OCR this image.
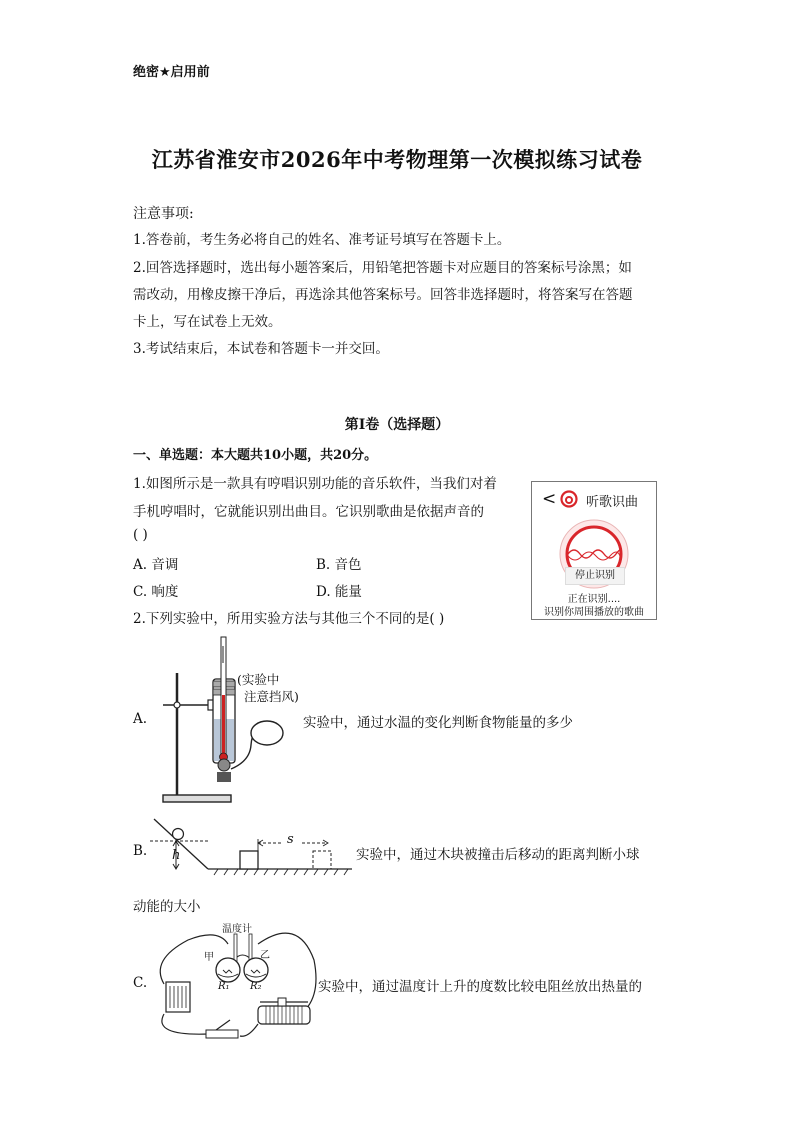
绝密★启用前
江苏省淮安市2026年中考物理第一次模拟练习试卷
注意事项:
1.答卷前，考生务必将自己的姓名、准考证号填写在答题卡上。
2.回答选择题时，选出每小题答案后，用铅笔把答题卡对应题目的答案标号涂黑；如
需改动，用橡皮擦干净后，再选涂其他答案标号。回答非选择题时，将答案写在答题
卡上，写在试卷上无效。
3.考试结束后，本试卷和答题卡一并交回。
第Ⅰ卷（选择题）
一、单选题：本大题共10小题，共20分。
1.如图所示是一款具有哼唱识别功能的音乐软件，当我们对着
手机哼唱时，它就能识别出曲目。它识别歌曲是依据声音的
( )
A. 音调	B. 音色
C. 响度	D. 能量
< 听歌识曲
停止识别
正在识别....
识别你周围播放的歌曲
2.下列实验中，所用实验方法与其他三个不同的是( )
A.
(实验中
注意挡风)
实验中，通过水温的变化判断食物能量的多少
B. h
s
实验中，通过木块被撞击后移动的距离判断小球
动能的大小
C.
温度计
甲	乙
R₁ R₂	实验中，通过温度计上升的度数比较电阻丝放出热量的
